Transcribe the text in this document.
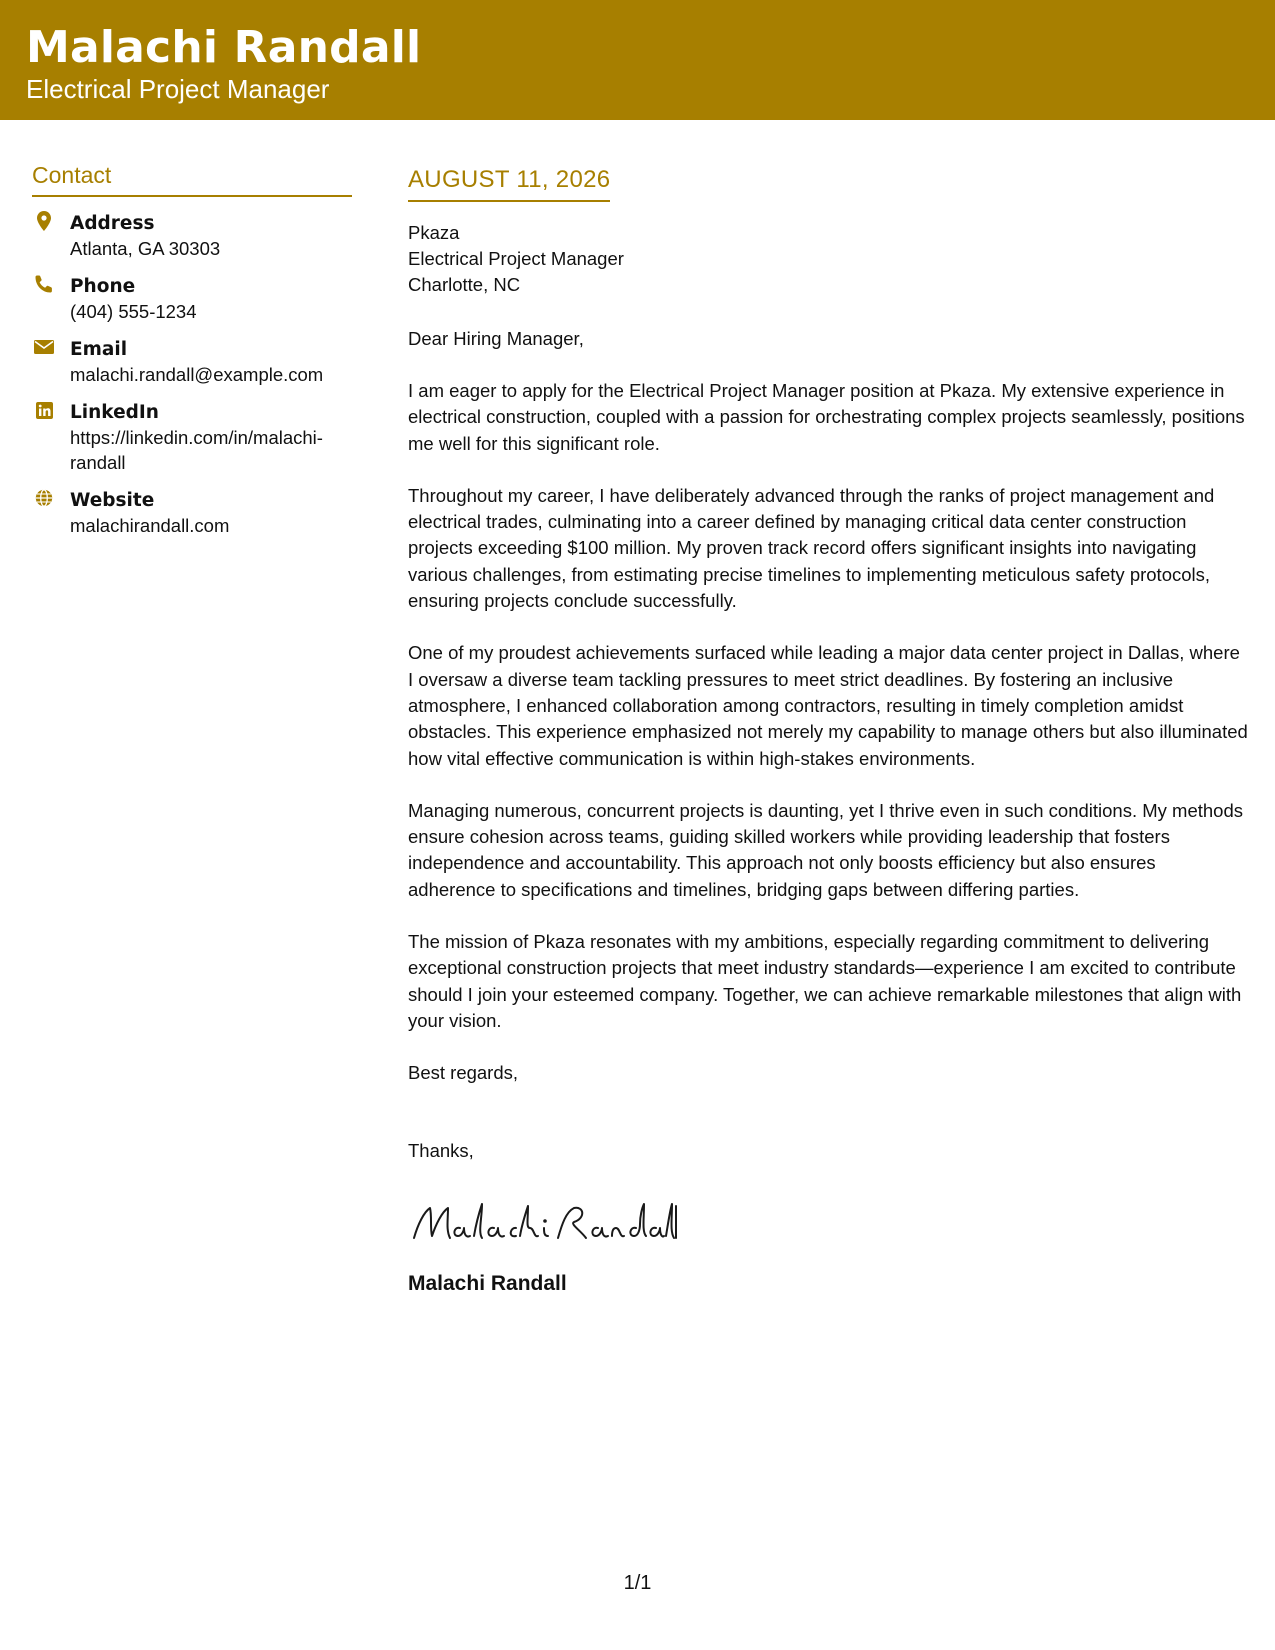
Malachi Randall
Electrical Project Manager
Contact
Address
Atlanta, GA 30303
Phone
(404) 555-1234
Email
malachi.randall@example.com
LinkedIn
https://linkedin.com/in/malachi-randall
Website
malachirandall.com
AUGUST 11, 2026
Pkaza
Electrical Project Manager
Charlotte, NC
Dear Hiring Manager,
I am eager to apply for the Electrical Project Manager position at Pkaza. My extensive experience in electrical construction, coupled with a passion for orchestrating complex projects seamlessly, positions me well for this significant role.
Throughout my career, I have deliberately advanced through the ranks of project management and electrical trades, culminating into a career defined by managing critical data center construction projects exceeding $100 million. My proven track record offers significant insights into navigating various challenges, from estimating precise timelines to implementing meticulous safety protocols, ensuring projects conclude successfully.
One of my proudest achievements surfaced while leading a major data center project in Dallas, where I oversaw a diverse team tackling pressures to meet strict deadlines. By fostering an inclusive atmosphere, I enhanced collaboration among contractors, resulting in timely completion amidst obstacles. This experience emphasized not merely my capability to manage others but also illuminated how vital effective communication is within high-stakes environments.
Managing numerous, concurrent projects is daunting, yet I thrive even in such conditions. My methods ensure cohesion across teams, guiding skilled workers while providing leadership that fosters independence and accountability. This approach not only boosts efficiency but also ensures adherence to specifications and timelines, bridging gaps between differing parties.
The mission of Pkaza resonates with my ambitions, especially regarding commitment to delivering exceptional construction projects that meet industry standards—experience I am excited to contribute should I join your esteemed company. Together, we can achieve remarkable milestones that align with your vision.
Best regards,
Thanks,
Malachi Randall
1/1
